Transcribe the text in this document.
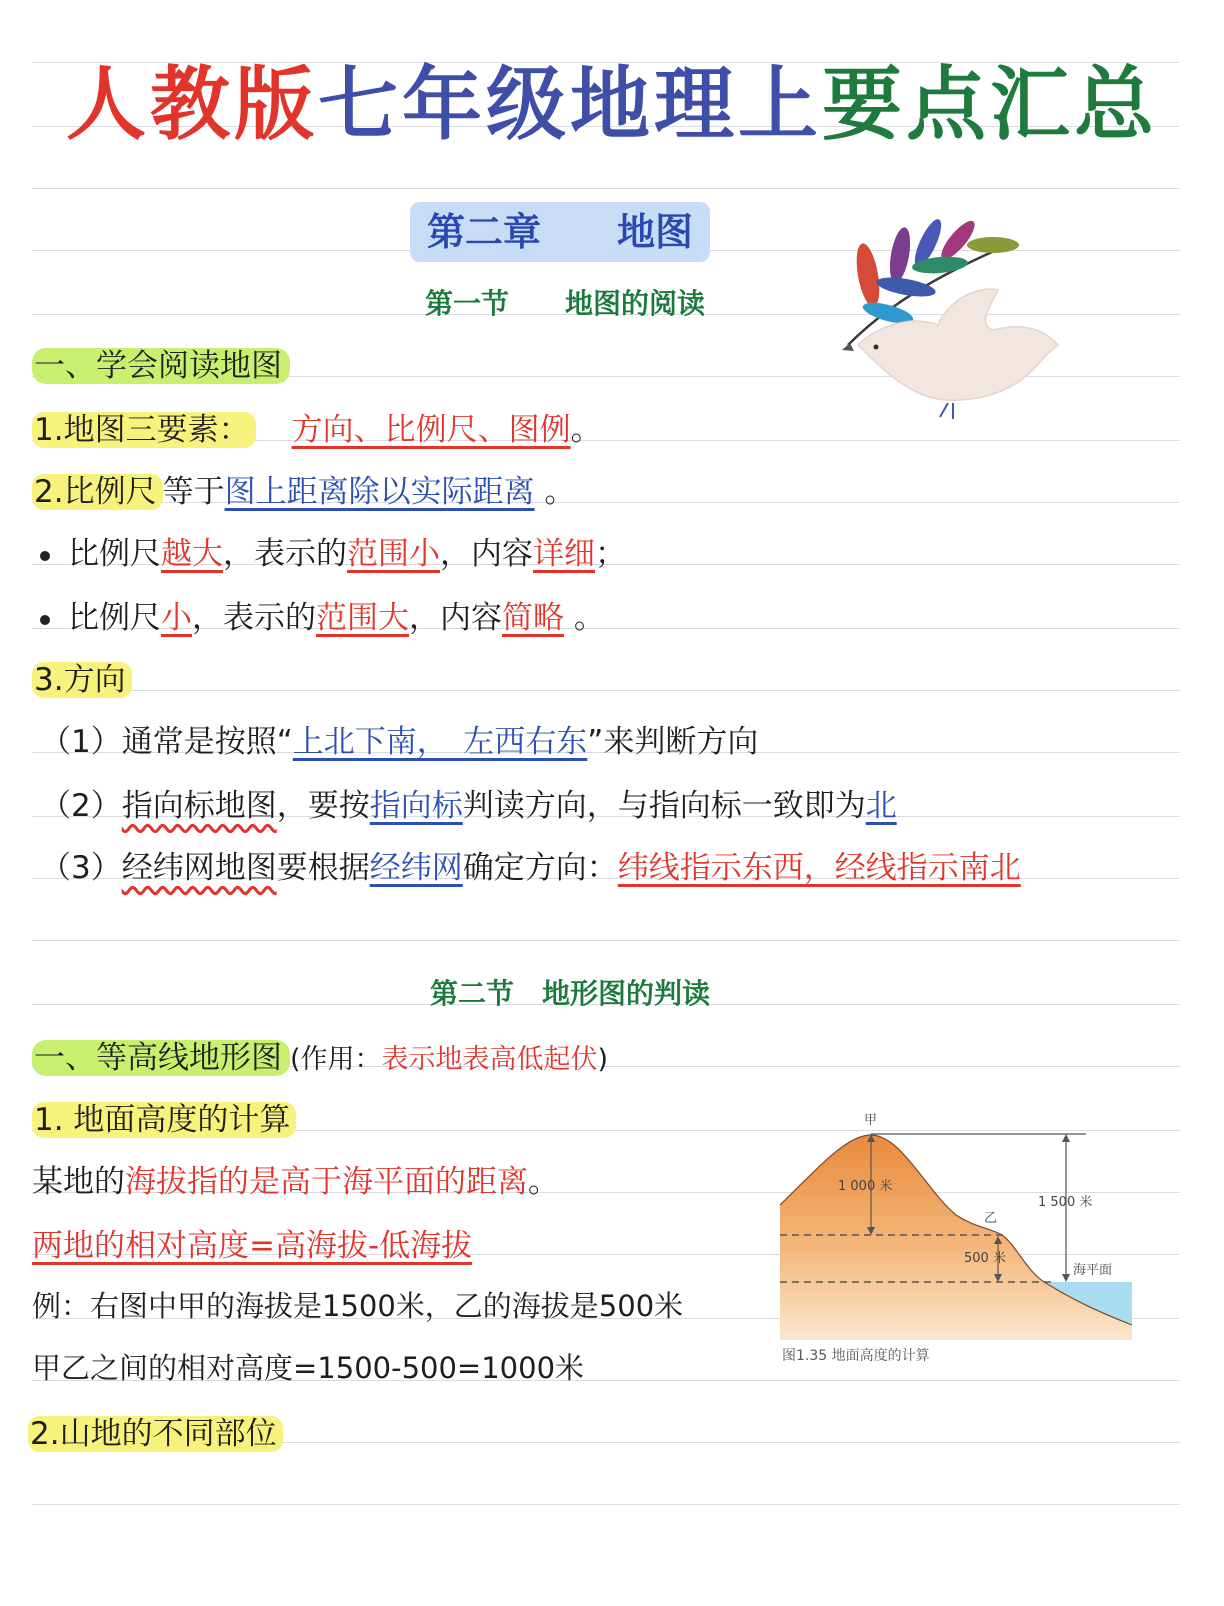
人教版七年级地理上要点汇总
第二章　　地图
第一节　　地图的阅读
一、学会阅读地图
1.地图三要素： 方向、比例尺、图例。
2.比例尺 等于图上距离除以实际距离 。
比例尺越大，表示的范围小，内容详细；
比例尺小，表示的范围大，内容简略 。
3.方向
（1）通常是按照“上北下南，　左西右东”来判断方向
（2）指向标地图，要按指向标判读方向，与指向标一致即为北
（3）经纬网地图要根据经纬网确定方向：纬线指示东西，经线指示南北
第二节　地形图的判读
一、等高线地形图 (作用：表示地表高低起伏)
1. 地面高度的计算
某地的海拔指的是高于海平面的距离。
两地的相对高度=高海拔-低海拔
例：右图中甲的海拔是1500米，乙的海拔是500米
甲乙之间的相对高度=1500-500=1000米
2.山地的不同部位
甲
乙
1 000 米
500 米
1 500 米
海平面
图1.35 地面高度的计算
